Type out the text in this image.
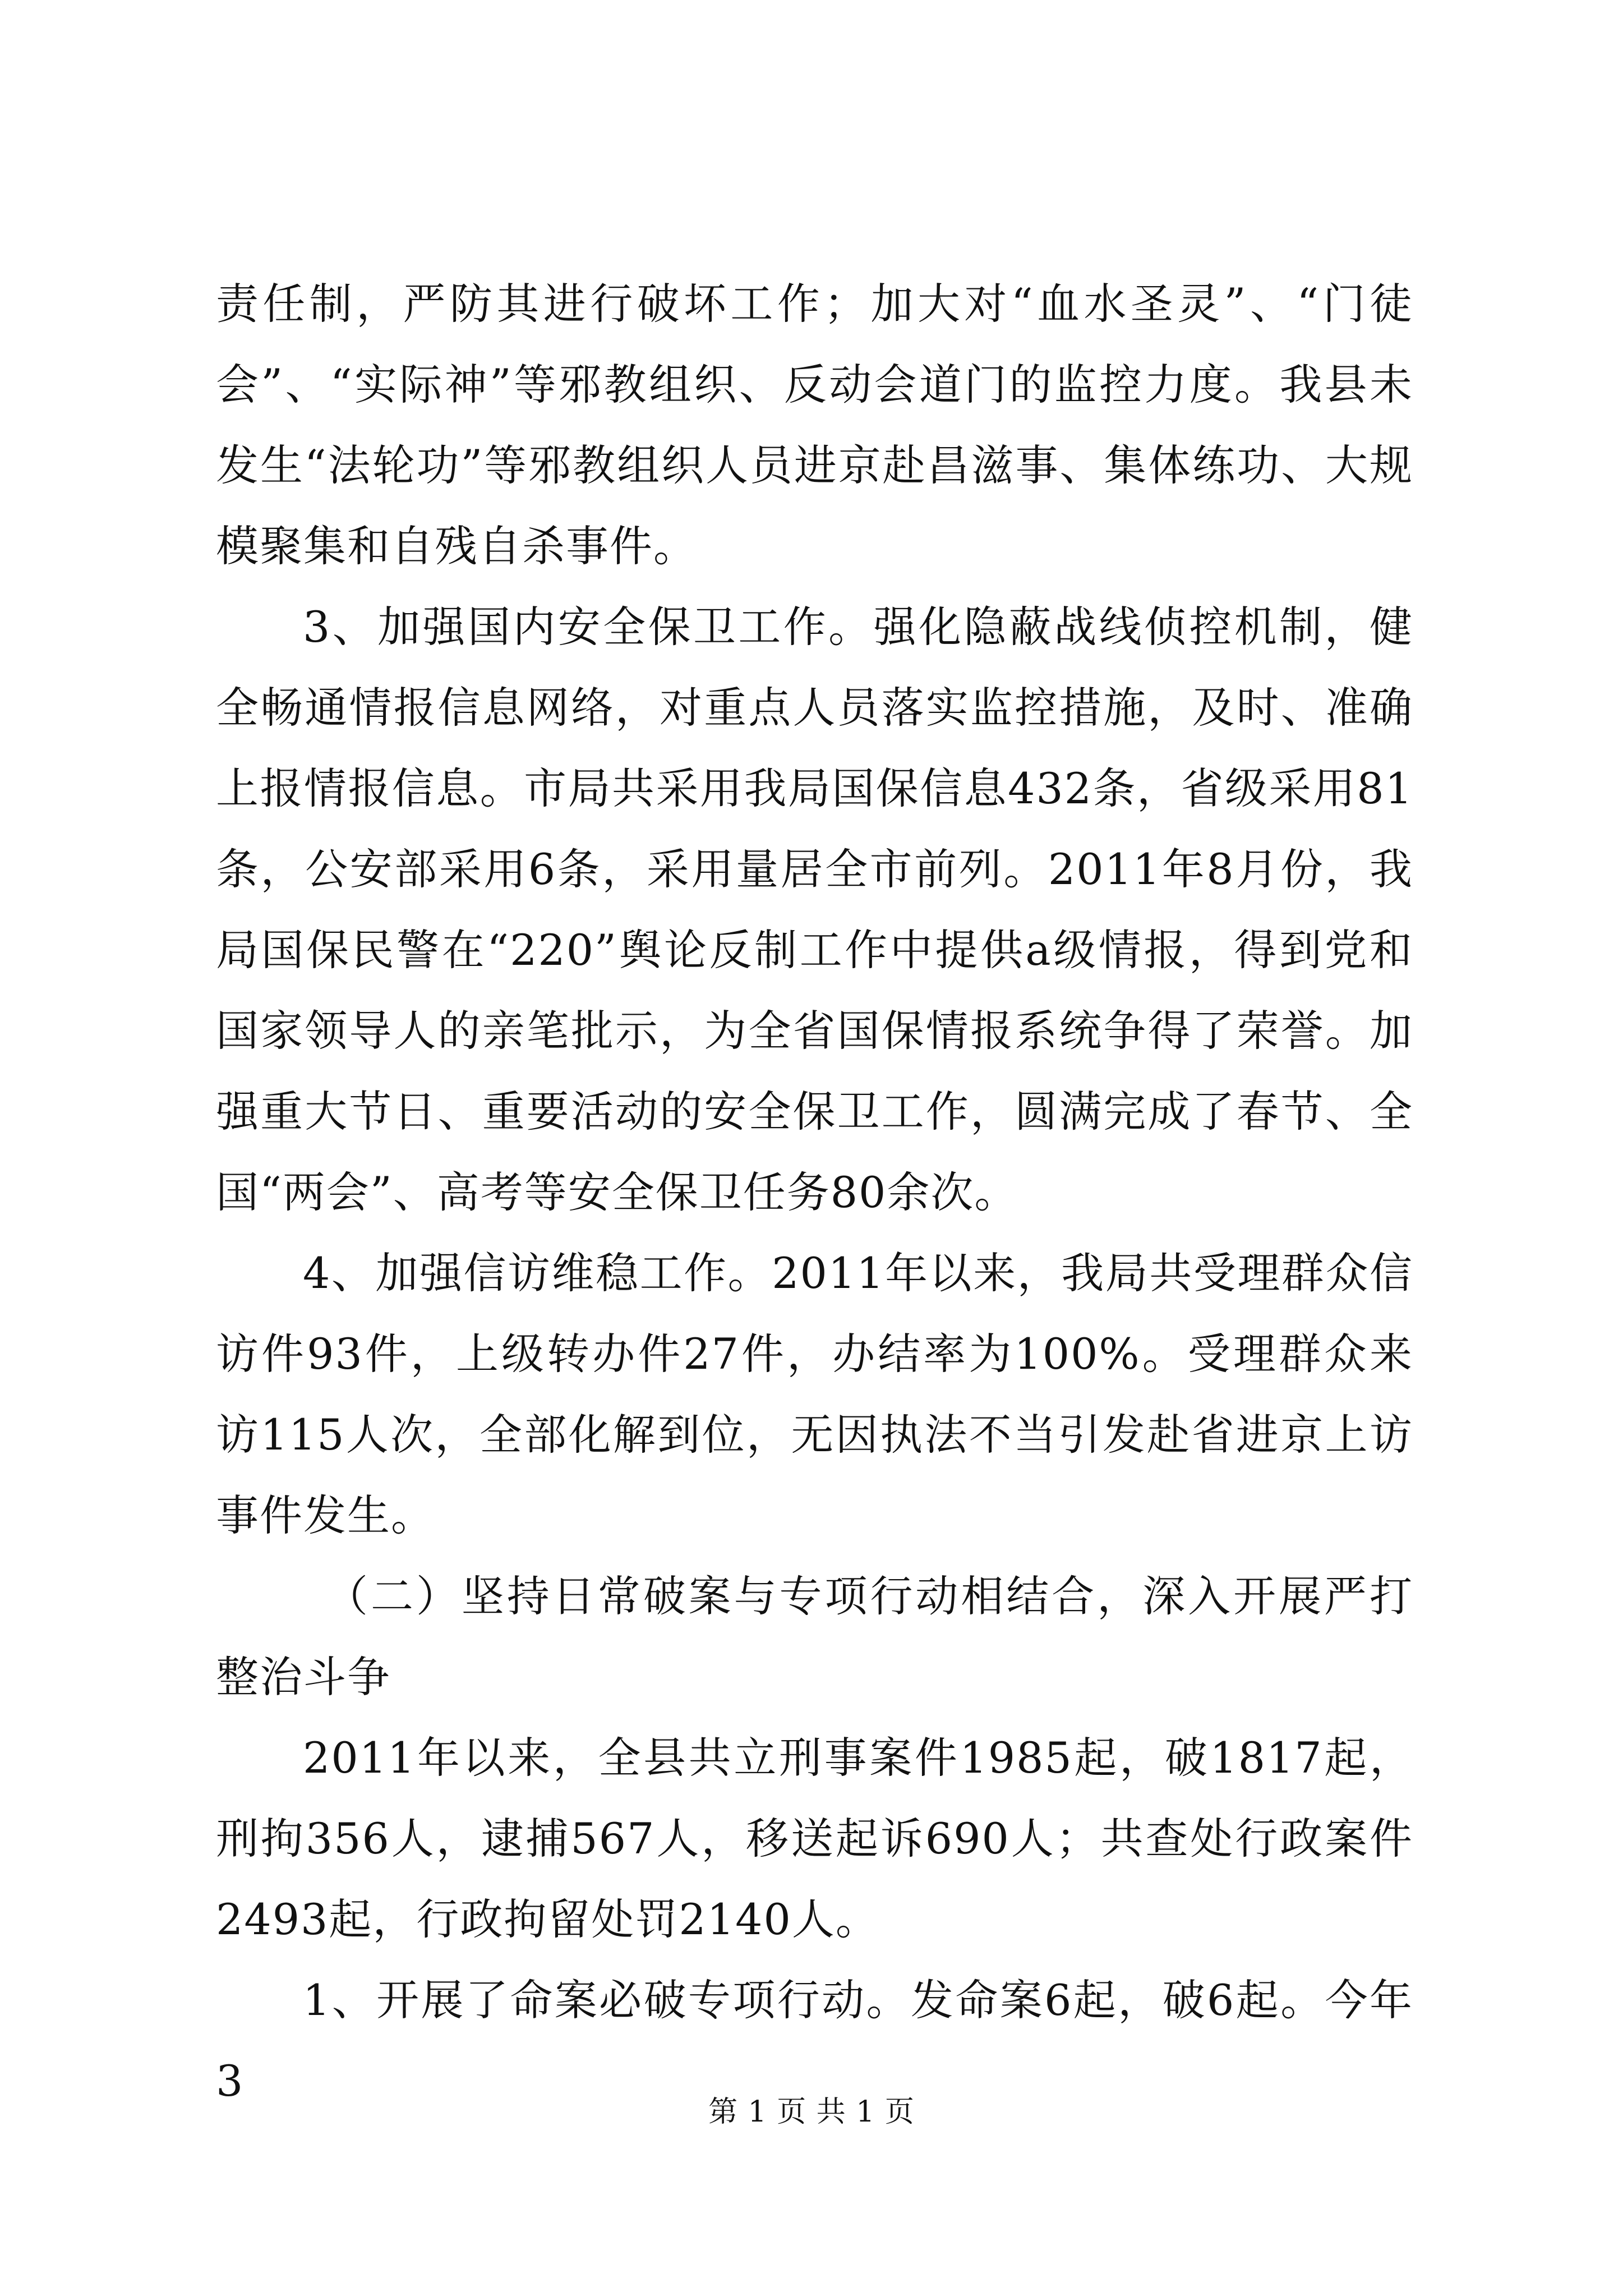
责任制，严防其进行破坏工作；加大对“血水圣灵”、“门徒会”、“实际神”等邪教组织、反动会道门的监控力度。我县未发生“法轮功”等邪教组织人员进京赴昌滋事、集体练功、大规模聚集和自残自杀事件。

3、加强国内安全保卫工作。强化隐蔽战线侦控机制，健全畅通情报信息网络，对重点人员落实监控措施，及时、准确上报情报信息。市局共采用我局国保信息432条，省级采用81条，公安部采用6条，采用量居全市前列。2011年8月份，我局国保民警在“220”舆论反制工作中提供a级情报，得到党和国家领导人的亲笔批示，为全省国保情报系统争得了荣誉。加强重大节日、重要活动的安全保卫工作，圆满完成了春节、全国“两会”、高考等安全保卫任务80余次。

4、加强信访维稳工作。2011年以来，我局共受理群众信访件93件，上级转办件27件，办结率为100%。受理群众来访115人次，全部化解到位，无因执法不当引发赴省进京上访事件发生。

（二）坚持日常破案与专项行动相结合，深入开展严打整治斗争

2011年以来，全县共立刑事案件1985起，破1817起，刑拘356人，逮捕567人，移送起诉690人；共查处行政案件2493起，行政拘留处罚2140人。

1、开展了命案必破专项行动。发命案6起，破6起。今年3

第 1 页 共 1 页
